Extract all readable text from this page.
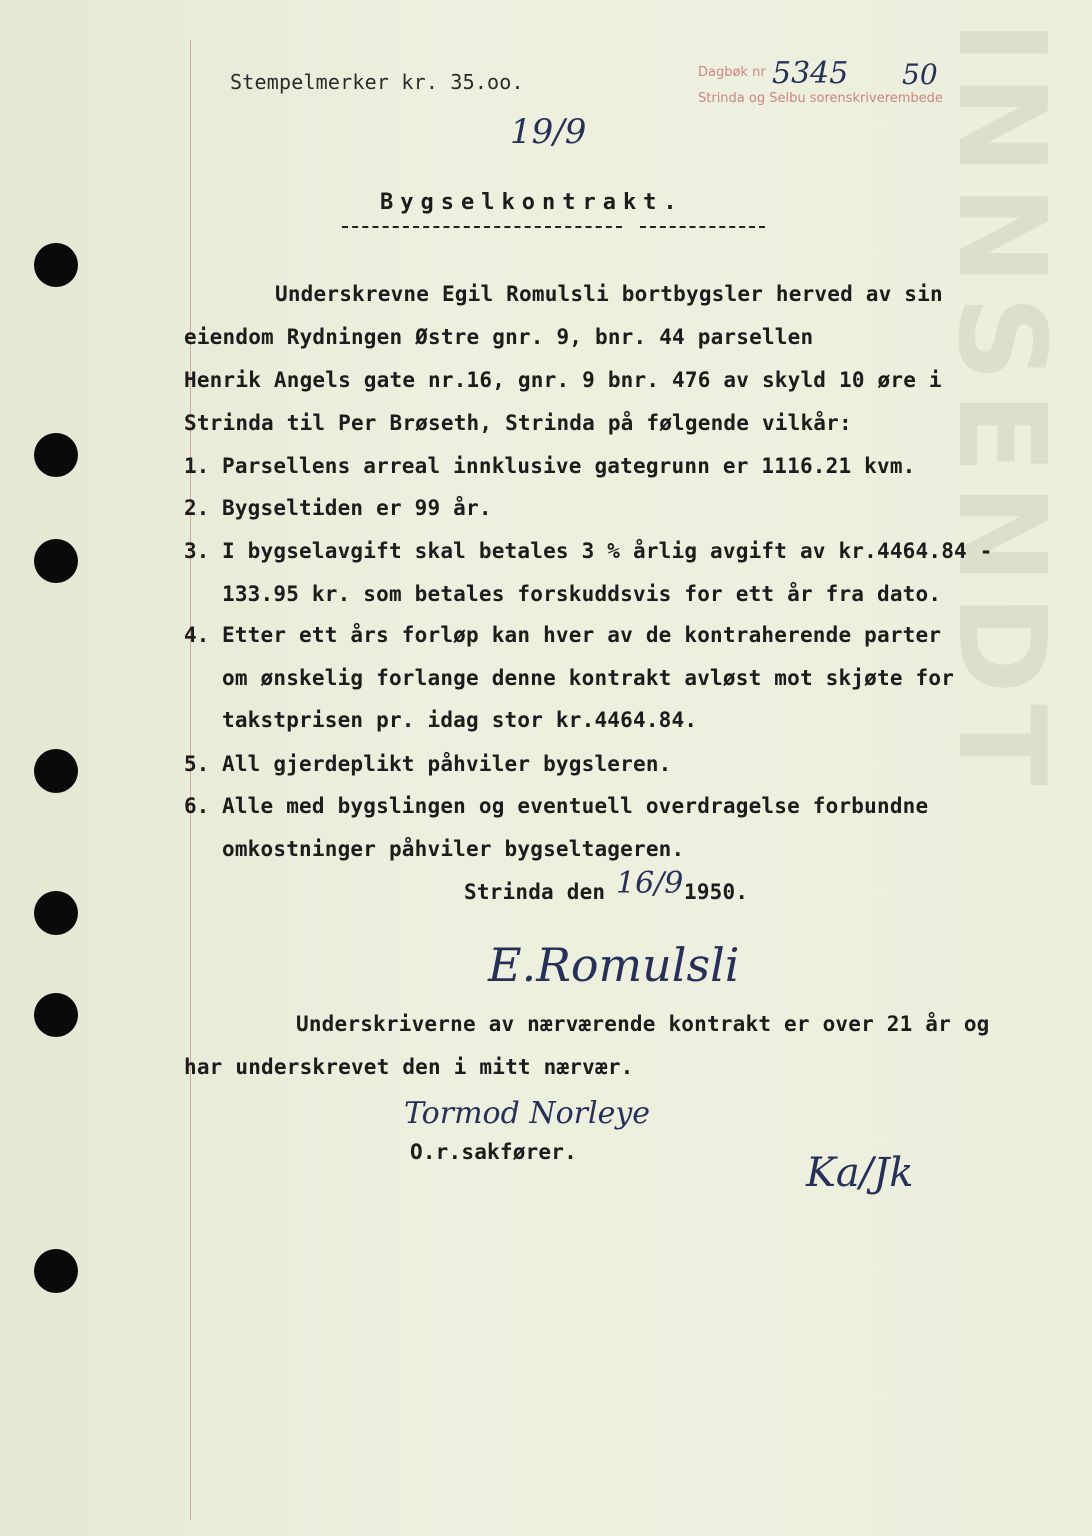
INNSENDT
Stempelmerker kr. 35.oo.	Dagbøk nr
Strinda og Selbu sorenskriverembede
5345 50
19/9
Bygselkontrakt.
Underskrevne Egil Romulsli bortbygsler herved av sin
eiendom Rydningen Østre gnr. 9, bnr. 44 parsellen
Henrik Angels gate nr.16, gnr. 9 bnr. 476 av skyld 10 øre i
Strinda til Per Brøseth, Strinda på følgende vilkår:
1. Parsellens arreal innklusive gategrunn er 1116.21 kvm.
2. Bygseltiden er 99 år.
3. I bygselavgift skal betales 3 % årlig avgift av kr.4464.84 -
133.95 kr. som betales forskuddsvis for ett år fra dato.
4. Etter ett års forløp kan hver av de kontraherende parter
om ønskelig forlange denne kontrakt avløst mot skjøte for
takstprisen pr. idag stor kr.4464.84.
5. All gjerdeplikt påhviler bygsleren.
6. Alle med bygslingen og eventuell overdragelse forbundne
omkostninger påhviler bygseltageren.
Strinda den 16/9 1950.
E.Romulsli
Underskriverne av nærværende kontrakt er over 21 år og
har underskrevet den i mitt nærvær.
Tormod Norleye
O.r.sakfører.	Ka/Jk
